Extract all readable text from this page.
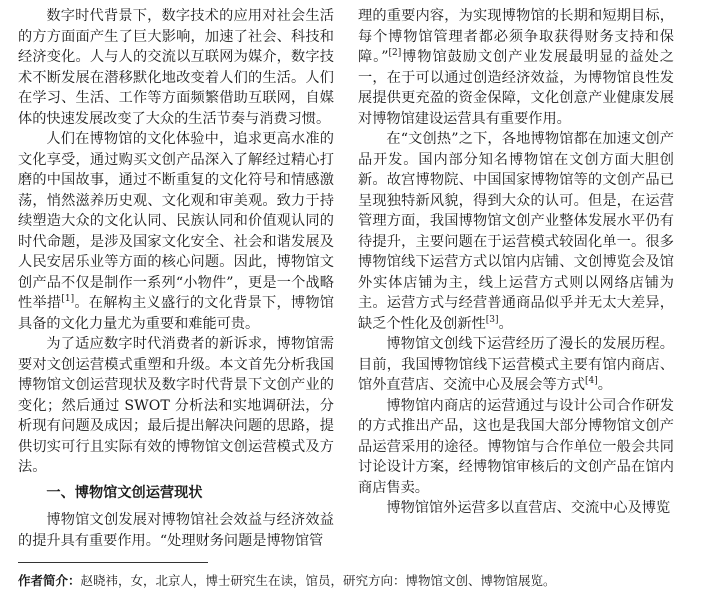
数字时代背景下，数字技术的应用对社会生活的方方面面产生了巨大影响，加速了社会、科技和经济变化。人与人的交流以互联网为媒介，数字技术不断发展在潜移默化地改变着人们的生活。人们在学习、生活、工作等方面频繁借助互联网，自媒体的快速发展改变了大众的生活节奏与消费习惯。

人们在博物馆的文化体验中，追求更高水准的文化享受，通过购买文创产品深入了解经过精心打磨的中国故事，通过不断重复的文化符号和情感激荡，悄然滋养历史观、文化观和审美观。致力于持续塑造大众的文化认同、民族认同和价值观认同的时代命题，是涉及国家文化安全、社会和谐发展及人民安居乐业等方面的核心问题。因此，博物馆文创产品不仅是制作一系列“小物件”，更是一个战略性举措[1]。在解构主义盛行的文化背景下，博物馆具备的文化力量尤为重要和难能可贵。

为了适应数字时代消费者的新诉求，博物馆需要对文创运营模式重塑和升级。本文首先分析我国博物馆文创运营现状及数字时代背景下文创产业的变化；然后通过 SWOT 分析法和实地调研法，分析现有问题及成因；最后提出解决问题的思路，提供切实可行且实际有效的博物馆文创运营模式及方法。

一、博物馆文创运营现状

博物馆文创发展对博物馆社会效益与经济效益的提升具有重要作用。“处理财务问题是博物馆管

理的重要内容，为实现博物馆的长期和短期目标，每个博物馆管理者都必须争取获得财务支持和保障。”[2]博物馆鼓励文创产业发展最明显的益处之一，在于可以通过创造经济效益，为博物馆良性发展提供更充盈的资金保障，文化创意产业健康发展对博物馆建设运营具有重要作用。

在“文创热”之下，各地博物馆都在加速文创产品开发。国内部分知名博物馆在文创方面大胆创新。故宫博物院、中国国家博物馆等的文创产品已呈现独特新风貌，得到大众的认可。但是，在运营管理方面，我国博物馆文创产业整体发展水平仍有待提升，主要问题在于运营模式较固化单一。很多博物馆线下运营方式以馆内店铺、文创博览会及馆外实体店铺为主，线上运营方式则以网络店铺为主。运营方式与经营普通商品似乎并无太大差异，缺乏个性化及创新性[3]。

博物馆文创线下运营经历了漫长的发展历程。目前，我国博物馆线下运营模式主要有馆内商店、馆外直营店、交流中心及展会等方式[4]。

博物馆内商店的运营通过与设计公司合作研发的方式推出产品，这也是我国大部分博物馆文创产品运营采用的途径。博物馆与合作单位一般会共同讨论设计方案，经博物馆审核后的文创产品在馆内商店售卖。

博物馆馆外运营多以直营店、交流中心及博览

作者简介：赵晓祎，女，北京人，博士研究生在读，馆员，研究方向：博物馆文创、博物馆展览。
